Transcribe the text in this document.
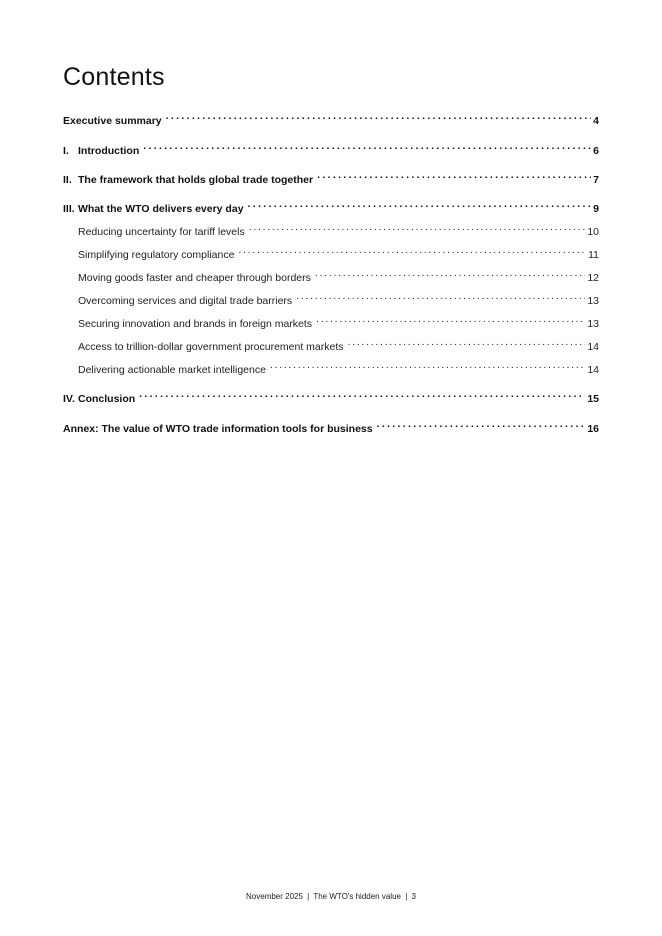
Contents
Executive summary . . .	4
I. Introduction . . .	6
II. The framework that holds global trade together . . .	7
III. What the WTO delivers every day . . .	9
Reducing uncertainty for tariff levels . . .	10
Simplifying regulatory compliance . . .	11
Moving goods faster and cheaper through borders . . .	12
Overcoming services and digital trade barriers . . .	13
Securing innovation and brands in foreign markets . . .	13
Access to trillion-dollar government procurement markets . . .	14
Delivering actionable market intelligence . . .	14
IV. Conclusion . . .	15
Annex: The value of WTO trade information tools for business . . .	16
November 2025 | The WTO's hidden value | 3
